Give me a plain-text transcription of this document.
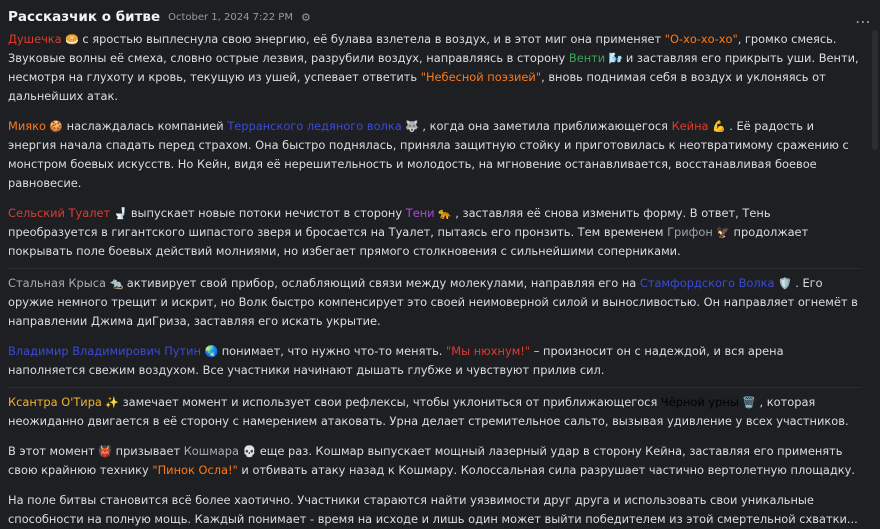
Рассказчик о битве October 1, 2024 7:22 PM ⚙	⋯

Душечка 🥯 с яростью выплеснула свою энергию, её булава взлетела в воздух, и в этот миг она применяет "О-хо-хо-хо", громко смеясь. Звуковые волны её смеха, словно острые лезвия, разрубили воздух, направляясь в сторону Венти 🌬️ и заставляя его прикрыть уши. Венти, несмотря на глухоту и кровь, текущую из ушей, успевает ответить "Небесной поэзией", вновь поднимая себя в воздух и уклоняясь от дальнейших атак.

Мияко 🍪 наслаждалась компанией Терранского ледяного волка 🐺 , когда она заметила приближающегося Кейна 💪 . Её радость и энергия начала спадать перед страхом. Она быстро поднялась, приняла защитную стойку и приготовилась к неотвратимому сражению с монстром боевых искусств. Но Кейн, видя её нерешительность и молодость, на мгновение останавливается, восстанавливая боевое равновесие.

Сельский Туалет 🚽 выпускает новые потоки нечистот в сторону Тени 🐆 , заставляя её снова изменить форму. В ответ, Тень преобразуется в гигантского шипастого зверя и бросается на Туалет, пытаясь его пронзить. Тем временем Грифон 🦅 продолжает покрывать поле боевых действий молниями, но избегает прямого столкновения с сильнейшими соперниками.

Стальная Крыса 🐀 активирует свой прибор, ослабляющий связи между молекулами, направляя его на Стамфордского Волка 🛡️ . Его оружие немного трещит и искрит, но Волк быстро компенсирует это своей неимоверной силой и выносливостью. Он направляет огнемёт в направлении Джима диГриза, заставляя его искать укрытие.

Владимир Владимирович Путин 🌏 понимает, что нужно что-то менять. "Мы нюхнум!" – произносит он с надеждой, и вся арена наполняется свежим воздухом. Все участники начинают дышать глубже и чувствуют прилив сил.

Ксантра О'Тира ✨ замечает момент и использует свои рефлексы, чтобы уклониться от приближающегося Чёрной урны 🗑️ , которая неожиданно двигается в её сторону с намерением атаковать. Урна делает стремительное сальто, вызывая удивление у всех участников.

В этот момент 👹 призывает Кошмара 💀 еще раз. Кошмар выпускает мощный лазерный удар в сторону Кейна, заставляя его применять свою крайнюю технику "Пинок Осла!" и отбивать атаку назад к Кошмару. Колоссальная сила разрушает частично вертолетную площадку.

На поле битвы становится всё более хаотично. Участники стараются найти уязвимости друг друга и использовать свои уникальные способности на полную мощь. Каждый понимает - время на исходе и лишь один может выйти победителем из этой смертельной схватки...
